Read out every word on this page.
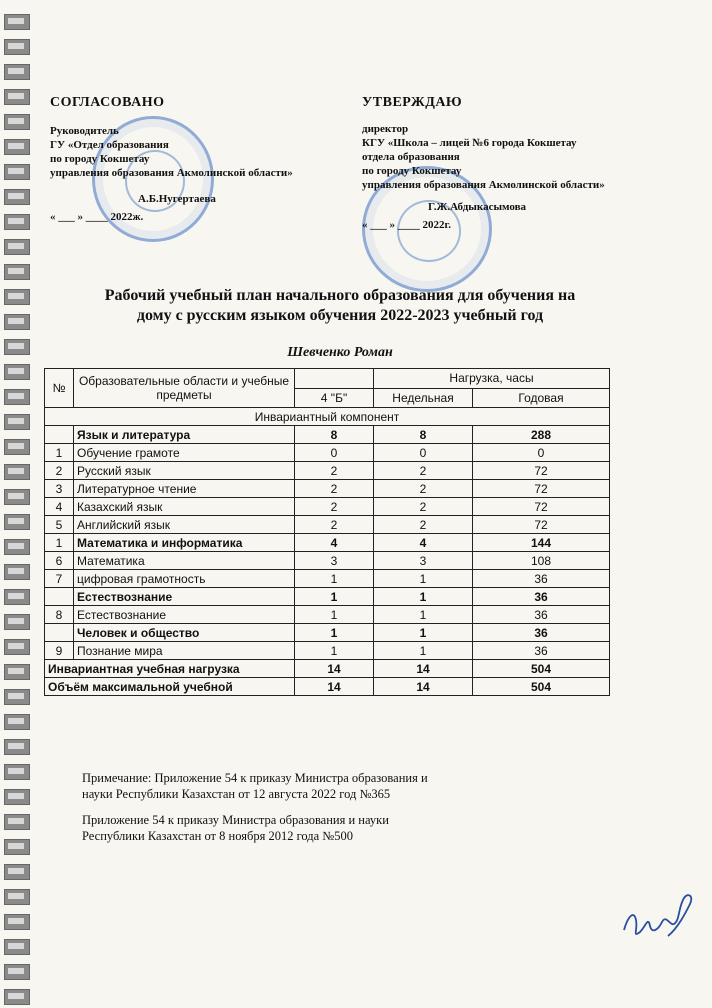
СОГЛАСОВАНО
Руководитель
ГУ «Отдел образования
по городу Кокшетау
управления образования Акмолинской области»
А.Б.Нугертаева
« ___ » ____ 2022ж.
УТВЕРЖДАЮ
директор
КГУ «Школа – лицей №6 города Кокшетау
отдела образования
по городу Кокшетау
управления образования Акмолинской области»
Г.Ж.Абдыкасымова
« ___ » ____ 2022г.
Рабочий учебный план начального образования для обучения на
дому с русским языком обучения 2022-2023 учебный год
Шевченко Роман
№	Образовательные области и учебные предметы		Нагрузка, часы	
		4 "Б"	Недельная	Годовая
Инвариантный компонент				
	Язык и литература	8	8	288
1	Обучение грамоте	0	0	0
2	Русский язык	2	2	72
3	Литературное чтение	2	2	72
4	Казахский язык	2	2	72
5	Английский язык	2	2	72
1	Математика и информатика	4	4	144
6	Математика	3	3	108
7	цифровая грамотность	1	1	36
	Естествознание	1	1	36
8	Естествознание	1	1	36
	Человек и общество	1	1	36
9	Познание мира	1	1	36
Инвариантная учебная нагрузка		14	14	504
Объём максимальной учебной		14	14	504
Примечание: Приложение 54 к приказу Министра образования и
науки Республики Казахстан от 12 августа 2022 год №365
Приложение 54 к приказу Министра образования и науки
Республики Казахстан от 8 ноября 2012 года №500
